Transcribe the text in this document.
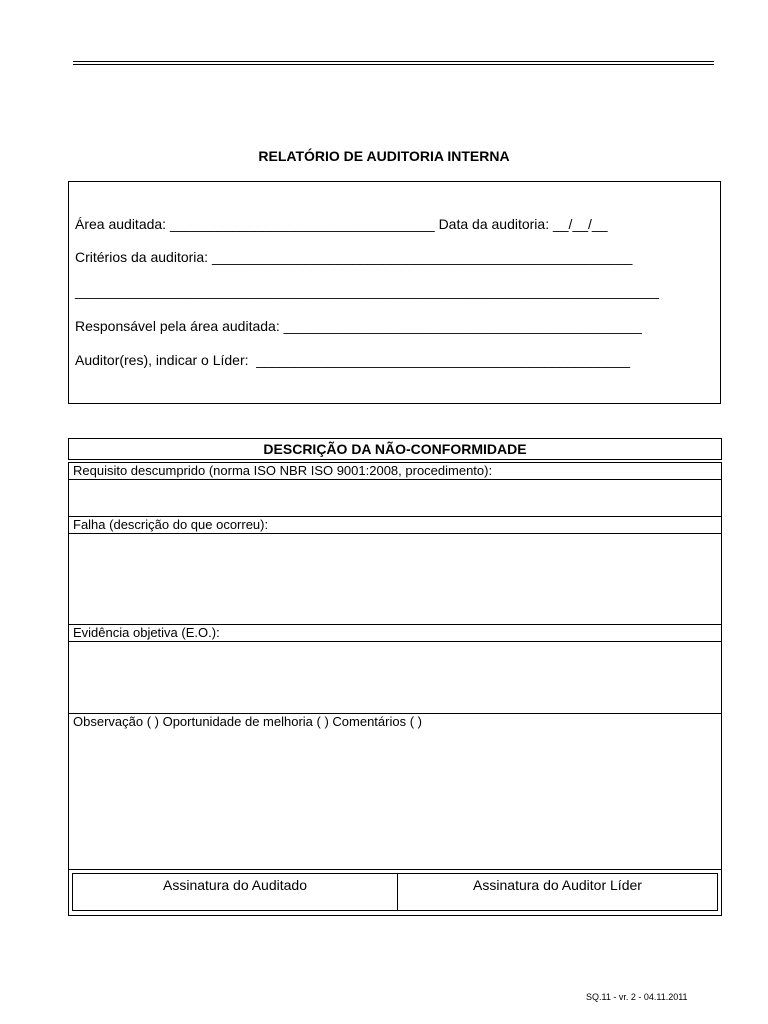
RELATÓRIO DE AUDITORIA INTERNA
Área auditada: __________________________________ Data da auditoria: __/__/__
Critérios da auditoria: ______________________________________________________
___________________________________________________________________________
Responsável pela área auditada: ______________________________________________
Auditor(res), indicar o Líder:  ________________________________________________
DESCRIÇÃO DA NÃO-CONFORMIDADE
Requisito descumprido (norma ISO NBR ISO 9001:2008, procedimento):
Falha (descrição do que ocorreu):
Evidência objetiva (E.O.):
Observação ( ) Oportunidade de melhoria ( ) Comentários ( )
Assinatura do Auditado	Assinatura do Auditor Líder
SQ.11 - vr. 2 - 04.11.2011
